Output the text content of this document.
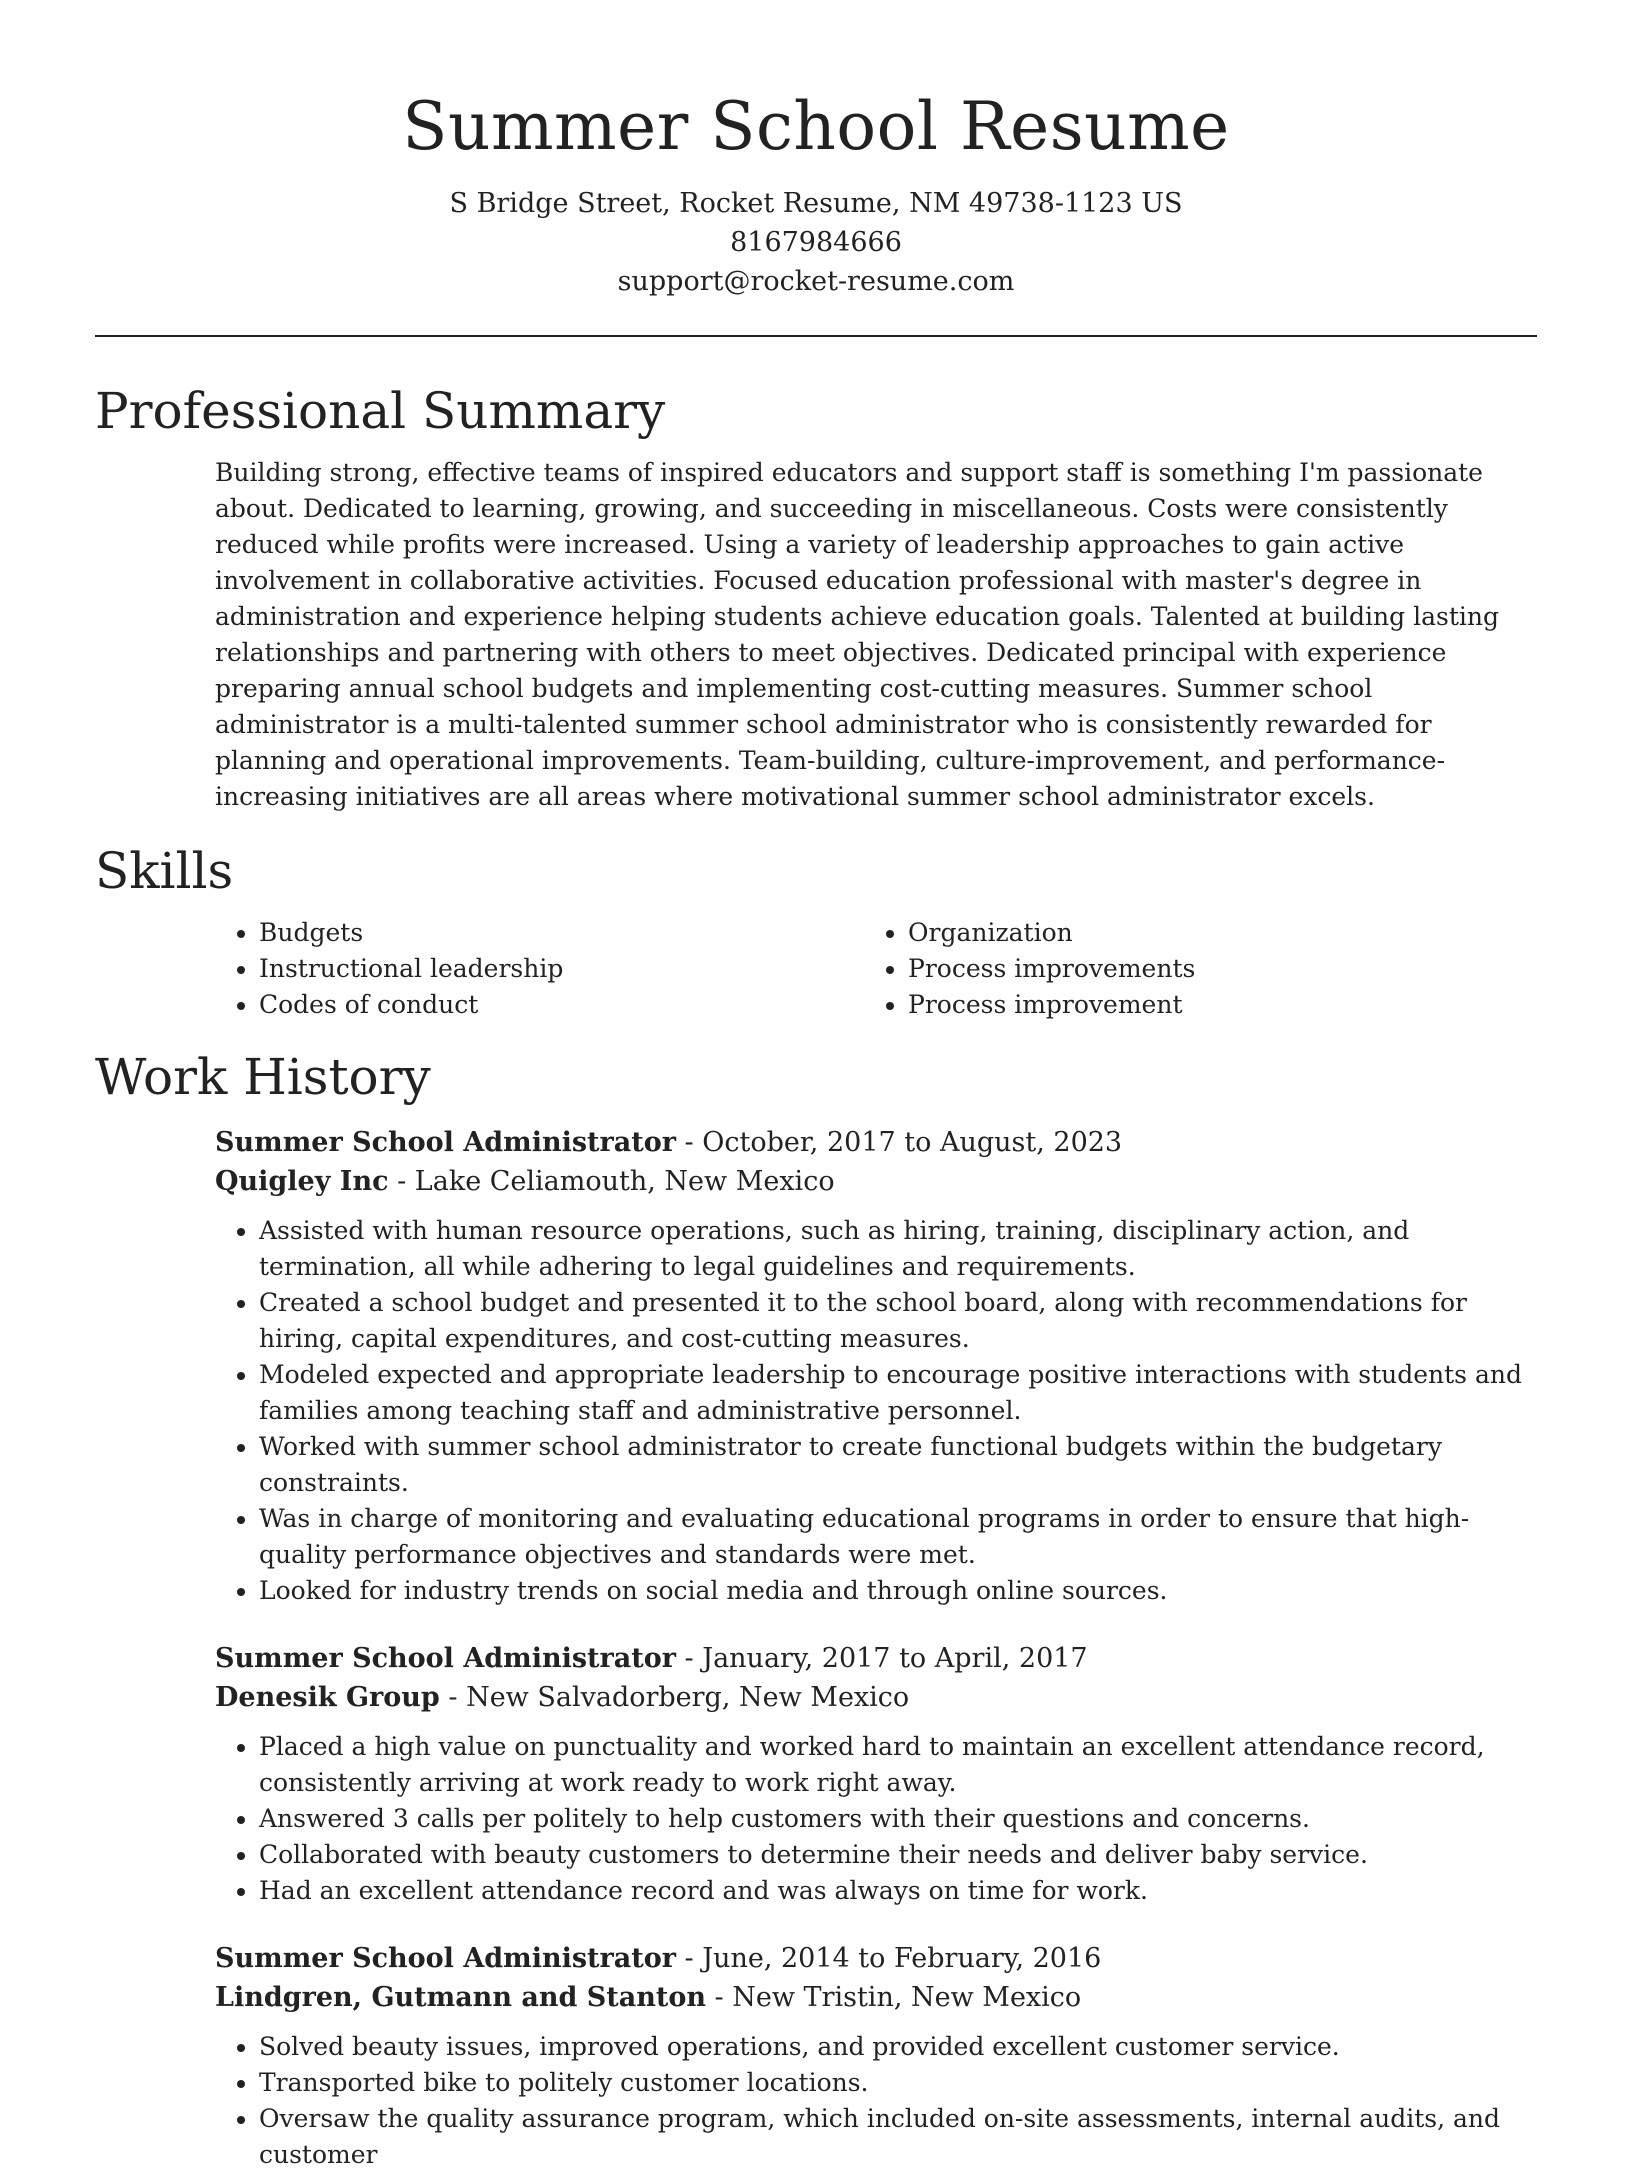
Summer School Resume
S Bridge Street, Rocket Resume, NM 49738-1123 US
8167984666
support@rocket-resume.com
Professional Summary

Building strong, effective teams of inspired educators and support staff is something I'm passionate about. Dedicated to learning, growing, and succeeding in miscellaneous. Costs were consistently reduced while profits were increased. Using a variety of leadership approaches to gain active involvement in collaborative activities. Focused education professional with master's degree in administration and experience helping students achieve education goals. Talented at building lasting relationships and partnering with others to meet objectives. Dedicated principal with experience preparing annual school budgets and implementing cost-cutting measures. Summer school administrator is a multi-talented summer school administrator who is consistently rewarded for planning and operational improvements. Team-building, culture-improvement, and performance-increasing initiatives are all areas where motivational summer school administrator excels.

Skills
• Budgets
• Instructional leadership
• Codes of conduct
• Organization
• Process improvements
• Process improvement
Work History
Summer School Administrator - October, 2017 to August, 2023
Quigley Inc - Lake Celiamouth, New Mexico
• Assisted with human resource operations, such as hiring, training, disciplinary action, and termination, all while adhering to legal guidelines and requirements.
• Created a school budget and presented it to the school board, along with recommendations for hiring, capital expenditures, and cost-cutting measures.
• Modeled expected and appropriate leadership to encourage positive interactions with students and families among teaching staff and administrative personnel.
• Worked with summer school administrator to create functional budgets within the budgetary constraints.
• Was in charge of monitoring and evaluating educational programs in order to ensure that high-quality performance objectives and standards were met.
• Looked for industry trends on social media and through online sources.
Summer School Administrator - January, 2017 to April, 2017
Denesik Group - New Salvadorberg, New Mexico
• Placed a high value on punctuality and worked hard to maintain an excellent attendance record, consistently arriving at work ready to work right away.
• Answered 3 calls per politely to help customers with their questions and concerns.
• Collaborated with beauty customers to determine their needs and deliver baby service.
• Had an excellent attendance record and was always on time for work.
Summer School Administrator - June, 2014 to February, 2016
Lindgren, Gutmann and Stanton - New Tristin, New Mexico
• Solved beauty issues, improved operations, and provided excellent customer service.
• Transported bike to politely customer locations.
• Oversaw the quality assurance program, which included on-site assessments, internal audits, and customer
